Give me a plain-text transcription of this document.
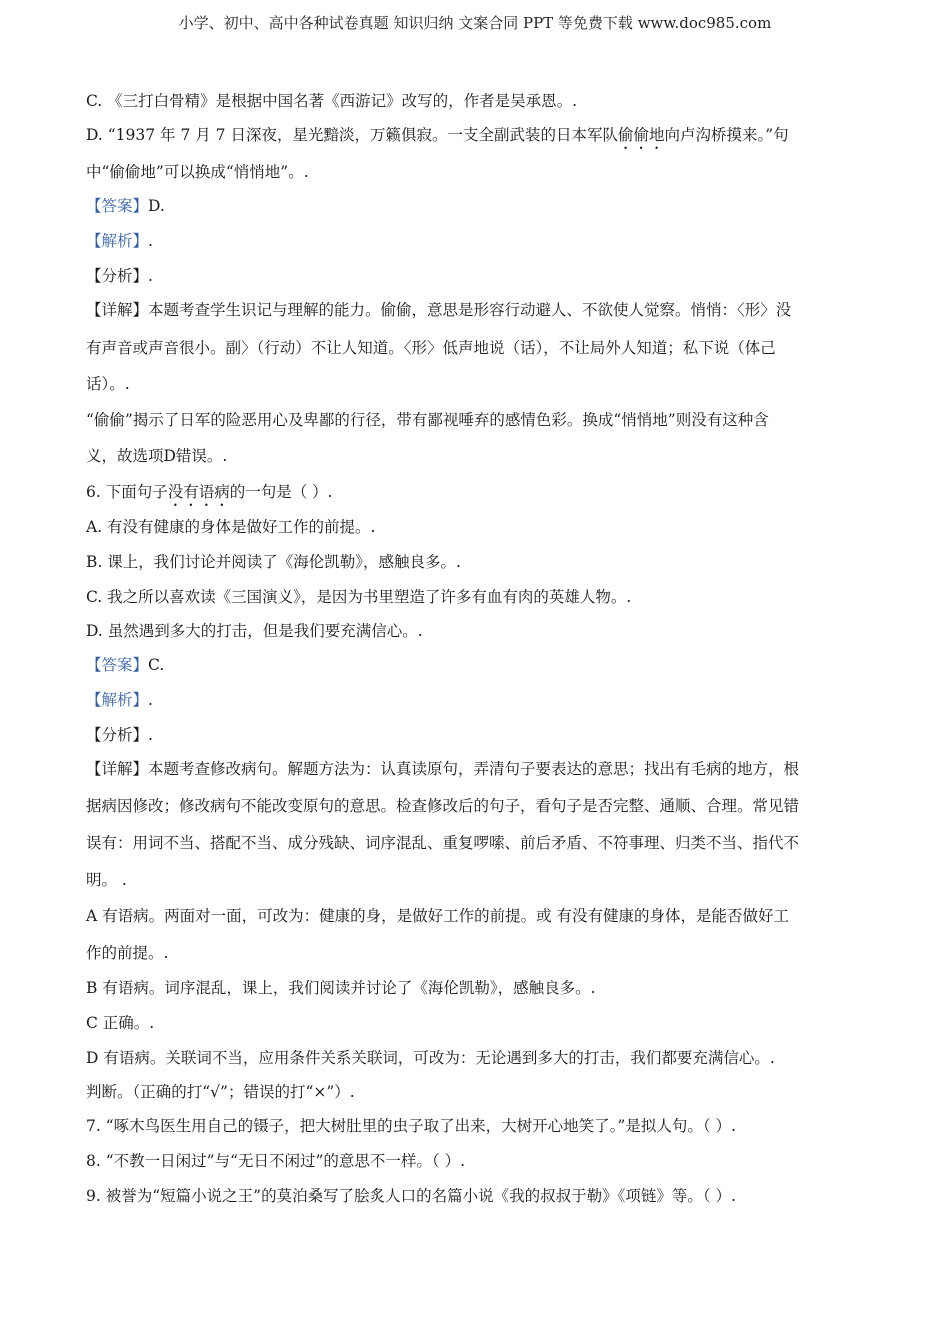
小学、初中、高中各种试卷真题 知识归纳 文案合同 PPT 等免费下载 www.doc985.com
C. 《三打白骨精》是根据中国名著《西游记》改写的，作者是吴承恩。.
D. “1937 年 7 月 7 日深夜，星光黯淡，万籁俱寂。一支全副武装的日本军队偷偷地向卢沟桥摸来。”句
中“偷偷地”可以换成“悄悄地”。.
【答案】D.
【解析】.
【分析】.
【详解】本题考查学生识记与理解的能力。偷偷，意思是形容行动避人、不欲使人觉察。悄悄：〈形〉没
有声音或声音很小。副〉（行动）不让人知道。〈形〉低声地说（话），不让局外人知道；私下说（体己
话）。.
“偷偷”揭示了日军的险恶用心及卑鄙的行径，带有鄙视唾弃的感情色彩。换成“悄悄地”则没有这种含
义，故选项D错误。.
6. 下面句子没有语病的一句是（ ）.
A. 有没有健康的身体是做好工作的前提。.
B. 课上，我们讨论并阅读了《海伦凯勒》，感触良多。.
C. 我之所以喜欢读《三国演义》，是因为书里塑造了许多有血有肉的英雄人物。.
D. 虽然遇到多大的打击，但是我们要充满信心。.
【答案】C.
【解析】.
【分析】.
【详解】本题考查修改病句。解题方法为：认真读原句，弄清句子要表达的意思；找出有毛病的地方，根
据病因修改；修改病句不能改变原句的意思。检查修改后的句子，看句子是否完整、通顺、合理。常见错
误有：用词不当、搭配不当、成分残缺、词序混乱、重复啰嗦、前后矛盾、不符事理、归类不当、指代不
明。 .
A 有语病。两面对一面，可改为：健康的身，是做好工作的前提。或 有没有健康的身体，是能否做好工
作的前提。.
B 有语病。词序混乱，课上，我们阅读并讨论了《海伦凯勒》，感触良多。.
C 正确。.
D 有语病。关联词不当，应用条件关系关联词，可改为：无论遇到多大的打击，我们都要充满信心。.
判断。（正确的打“√”；错误的打“×”）.
7. “啄木鸟医生用自己的镊子，把大树肚里的虫子取了出来，大树开心地笑了。”是拟人句。（ ）.
8. “不教一日闲过”与“无日不闲过”的意思不一样。（ ）.
9. 被誉为“短篇小说之王”的莫泊桑写了脍炙人口的名篇小说《我的叔叔于勒》《项链》等。（ ）.
